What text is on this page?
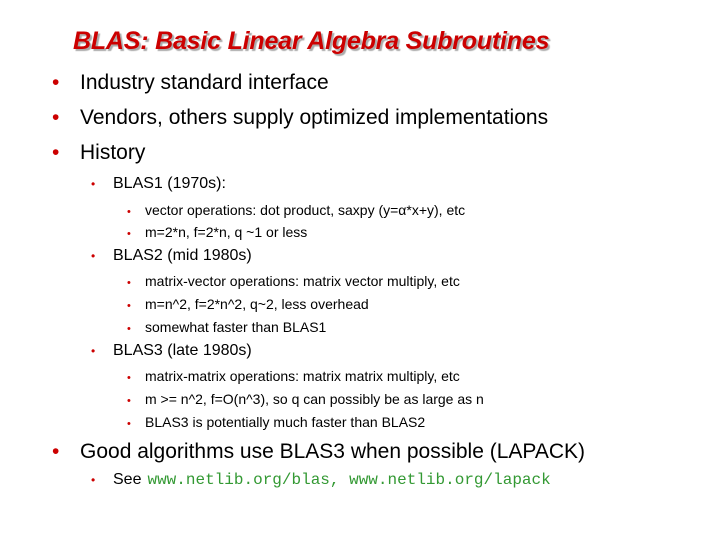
BLAS: Basic Linear Algebra Subroutines
• Industry standard interface
• Vendors, others supply optimized implementations
• History
•	BLAS1 (1970s):
•	vector operations: dot product, saxpy (y=α*x+y), etc
•	m=2*n, f=2*n, q ~1 or less
•	BLAS2 (mid 1980s)
•	matrix-vector operations: matrix vector multiply, etc
•	m=n^2, f=2*n^2, q~2, less overhead
•	somewhat faster than BLAS1
•	BLAS3 (late 1980s)
•	matrix-matrix operations: matrix matrix multiply, etc
•	m >= n^2, f=O(n^3), so q can possibly be as large as n
•	BLAS3 is potentially much faster than BLAS2
• Good algorithms use BLAS3 when possible (LAPACK)
•	See www.netlib.org/blas, www.netlib.org/lapack
